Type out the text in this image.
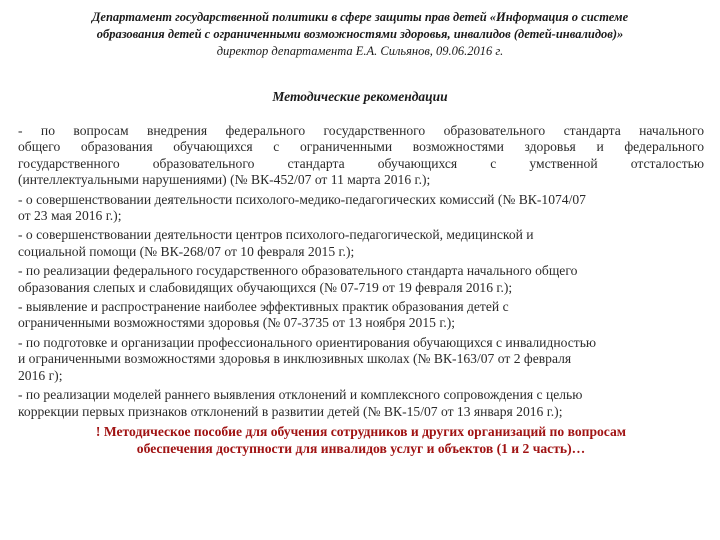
Департамент государственной политики в сфере защиты прав детей «Информация о системе
образования детей с ограниченными возможностями здоровья, инвалидов (детей-инвалидов)»
директор департамента Е.А. Сильянов, 09.06.2016 г.
Методические рекомендации
- по вопросам внедрения федерального государственного образовательного стандарта начального
общего образования обучающихся с ограниченными возможностями здоровья и федерального
государственного образовательного стандарта обучающихся с умственной отсталостью
(интеллектуальными нарушениями) (№ ВК-452/07 от 11 марта 2016 г.);
- о совершенствовании деятельности психолого-медико-педагогических комиссий (№ ВК-1074/07
от 23 мая 2016 г.);
- о совершенствовании деятельности центров психолого-педагогической, медицинской и
социальной помощи (№ ВК-268/07 от 10 февраля 2015 г.);
- по реализации федерального государственного образовательного стандарта начального общего
образования слепых и слабовидящих обучающихся (№ 07-719 от 19 февраля 2016 г.);
- выявление и распространение наиболее эффективных практик образования детей с
ограниченными возможностями здоровья (№ 07-3735 от 13 ноября 2015 г.);
- по подготовке и организации профессионального ориентирования обучающихся с инвалидностью
и ограниченными возможностями здоровья в инклюзивных школах (№ ВК-163/07 от 2 февраля
2016 г);
- по реализации моделей раннего выявления отклонений и комплексного сопровождения с целью
коррекции первых признаков отклонений в развитии детей (№ ВК-15/07 от 13 января 2016 г.);
! Методическое пособие для обучения сотрудников и других организаций по вопросам
обеспечения доступности для инвалидов услуг и объектов (1 и 2 часть)…
